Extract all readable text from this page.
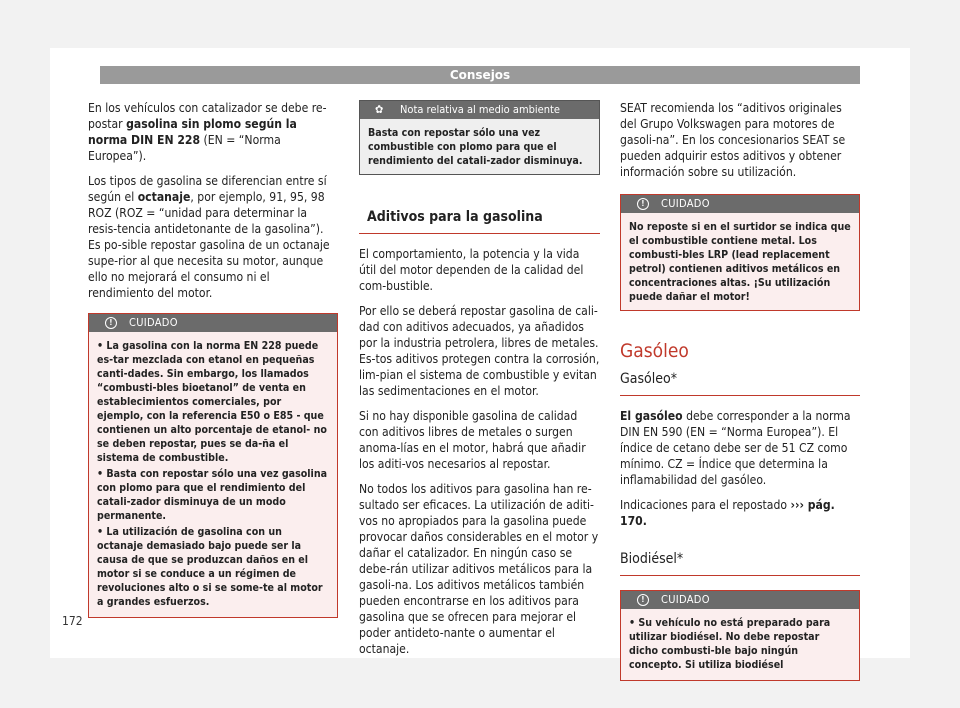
Consejos

En los vehículos con catalizador se debe re-postar gasolina sin plomo según la norma DIN EN 228 (EN = “Norma Europea”).

Los tipos de gasolina se diferencian entre sí según el octanaje, por ejemplo, 91, 95, 98 ROZ (ROZ = “unidad para determinar la resis-tencia antidetonante de la gasolina”). Es po-sible repostar gasolina de un octanaje supe-rior al que necesita su motor, aunque ello no mejorará el consumo ni el rendimiento del motor.

!	CUIDADO

• La gasolina con la norma EN 228 puede es-tar mezclada con etanol en pequeñas canti-dades. Sin embargo, los llamados “combusti-bles bioetanol” de venta en establecimientos comerciales, por ejemplo, con la referencia E50 o E85 - que contienen un alto porcentaje de etanol- no se deben repostar, pues se da-ña el sistema de combustible.

• Basta con repostar sólo una vez gasolina con plomo para que el rendimiento del catali-zador disminuya de un modo permanente.

• La utilización de gasolina con un octanaje demasiado bajo puede ser la causa de que se produzcan daños en el motor si se conduce a un régimen de revoluciones alto o si se some-te al motor a grandes esfuerzos.

✿ Nota relativa al medio ambiente
Basta con repostar sólo una vez combustible con plomo para que el rendimiento del catali-zador disminuya.
Aditivos para la gasolina

El comportamiento, la potencia y la vida útil del motor dependen de la calidad del com-bustible.

Por ello se deberá repostar gasolina de cali-dad con aditivos adecuados, ya añadidos por la industria petrolera, libres de metales. Es-tos aditivos protegen contra la corrosión, lim-pian el sistema de combustible y evitan las sedimentaciones en el motor.

Si no hay disponible gasolina de calidad con aditivos libres de metales o surgen anoma-lías en el motor, habrá que añadir los aditi-vos necesarios al repostar.

No todos los aditivos para gasolina han re-sultado ser eficaces. La utilización de aditi-vos no apropiados para la gasolina puede provocar daños considerables en el motor y dañar el catalizador. En ningún caso se debe-rán utilizar aditivos metálicos para la gasoli-na. Los aditivos metálicos también pueden encontrarse en los aditivos para gasolina que se ofrecen para mejorar el poder antideto-nante o aumentar el octanaje.

SEAT recomienda los “aditivos originales del Grupo Volkswagen para motores de gasoli-na”. En los concesionarios SEAT se pueden adquirir estos aditivos y obtener información sobre su utilización.

!	CUIDADO
No reposte si en el surtidor se indica que el combustible contiene metal. Los combusti-bles LRP (lead replacement petrol) contienen aditivos metálicos en concentraciones altas. ¡Su utilización puede dañar el motor!
Gasóleo
Gasóleo*

El gasóleo debe corresponder a la norma DIN EN 590 (EN = “Norma Europea”). El índice de cetano debe ser de 51 CZ como mínimo. CZ = Índice que determina la inflamabilidad del gasóleo.

Indicaciones para el repostado ››› pág. 170.

Biodiésel*
!	CUIDADO

• Su vehículo no está preparado para utilizar biodiésel. No debe repostar dicho combusti-ble bajo ningún concepto. Si utiliza biodiésel

172
